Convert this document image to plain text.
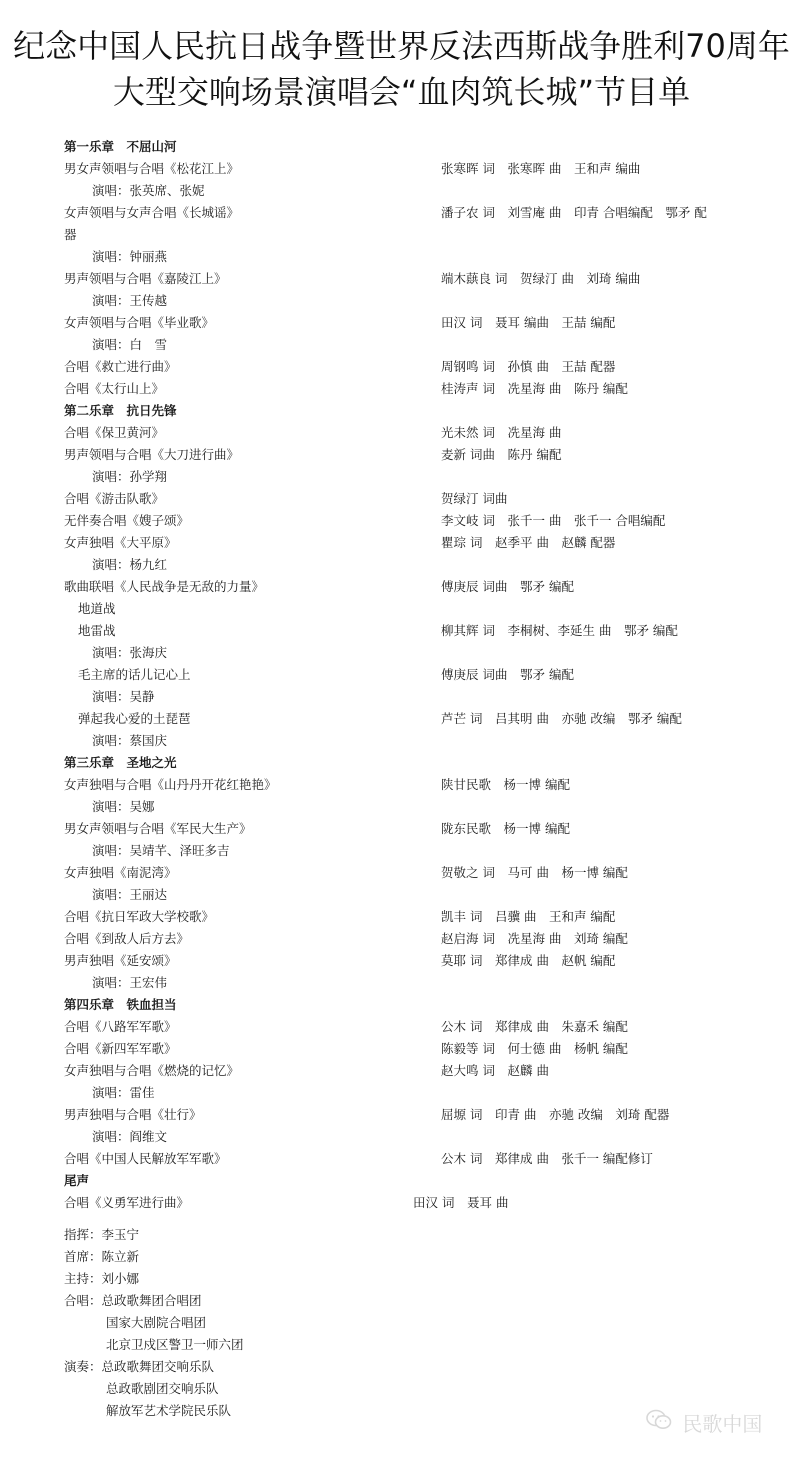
纪念中国人民抗日战争暨世界反法西斯战争胜利70周年
大型交响场景演唱会“血肉筑长城”节目单
第一乐章　不屈山河
男女声领唱与合唱《松花江上》	张寒晖 词　张寒晖 曲　王和声 编曲
演唱：张英席、张妮
女声领唱与女声合唱《长城谣》	潘子农 词　刘雪庵 曲　印青 合唱编配　鄂矛 配
器
演唱：钟丽燕
男声领唱与合唱《嘉陵江上》	端木蕻良 词　贺绿汀 曲　刘琦 编曲
演唱：王传越
女声领唱与合唱《毕业歌》	田汉 词　聂耳 编曲　王喆 编配
演唱：白　雪
合唱《救亡进行曲》	周钢鸣 词　孙慎 曲　王喆 配器
合唱《太行山上》	桂涛声 词　冼星海 曲　陈丹 编配
第二乐章　抗日先锋
合唱《保卫黄河》	光未然 词　冼星海 曲
男声领唱与合唱《大刀进行曲》	麦新 词曲　陈丹 编配
演唱：孙学翔
合唱《游击队歌》	贺绿汀 词曲
无伴奏合唱《嫂子颂》	李文岐 词　张千一 曲　张千一 合唱编配
女声独唱《大平原》	瞿琮 词　赵季平 曲　赵麟 配器
演唱：杨九红
歌曲联唱《人民战争是无敌的力量》	傅庚辰 词曲　鄂矛 编配
地道战
地雷战	柳其辉 词　李桐树、李延生 曲　鄂矛 编配
演唱：张海庆
毛主席的话儿记心上	傅庚辰 词曲　鄂矛 编配
演唱：吴静
弹起我心爱的土琵琶	芦芒 词　吕其明 曲　亦驰 改编　鄂矛 编配
演唱：蔡国庆
第三乐章　圣地之光
女声独唱与合唱《山丹丹开花红艳艳》	陕甘民歌　杨一博 编配
演唱：吴娜
男女声领唱与合唱《军民大生产》	陇东民歌　杨一博 编配
演唱：吴靖芊、泽旺多吉
女声独唱《南泥湾》	贺敬之 词　马可 曲　杨一博 编配
演唱：王丽达
合唱《抗日军政大学校歌》	凯丰 词　吕骥 曲　王和声 编配
合唱《到敌人后方去》	赵启海 词　冼星海 曲　刘琦 编配
男声独唱《延安颂》	莫耶 词　郑律成 曲　赵帆 编配
演唱：王宏伟
第四乐章　铁血担当
合唱《八路军军歌》	公木 词　郑律成 曲　朱嘉禾 编配
合唱《新四军军歌》	陈毅等 词　何士德 曲　杨帆 编配
女声独唱与合唱《燃烧的记忆》	赵大鸣 词　赵麟 曲
演唱：雷佳
男声独唱与合唱《壮行》	屈塬 词　印青 曲　亦驰 改编　刘琦 配器
演唱：阎维文
合唱《中国人民解放军军歌》	公木 词　郑律成 曲　张千一 编配修订
尾声
合唱《义勇军进行曲》	田汉 词　聂耳 曲
指挥：李玉宁
首席：陈立新
主持：刘小娜
合唱：总政歌舞团合唱团
国家大剧院合唱团
北京卫戍区警卫一师六团
演奏：总政歌舞团交响乐队
总政歌剧团交响乐队
解放军艺术学院民乐队
民歌中国
